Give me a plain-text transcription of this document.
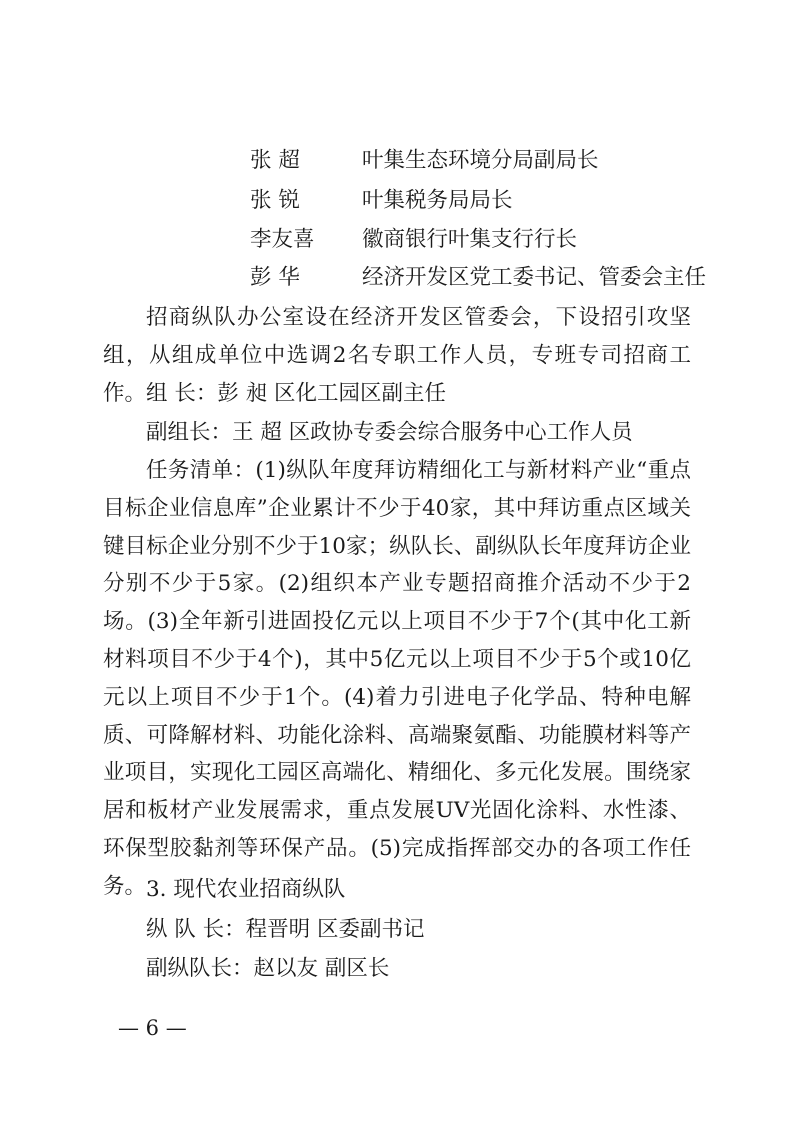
张 超	叶集生态环境分局副局长
张 锐	叶集税务局局长
李友喜 徽商银行叶集支行行长
彭 华	经济开发区党工委书记、管委会主任

招商纵队办公室设在经济开发区管委会，下设招引攻坚组，从组成单位中选调2名专职工作人员，专班专司招商工作。 组 长：彭 昶 区化工园区副主任
副组长：王 超 区政协专委会综合服务中心工作人员

任务清单：(1)纵队年度拜访精细化工与新材料产业“重点目标企业信息库”企业累计不少于40家，其中拜访重点区域关键目标企业分别不少于10家；纵队长、副纵队长年度拜访企业分别不少于5家。(2)组织本产业专题招商推介活动不少于2场。(3)全年新引进固投亿元以上项目不少于7个(其中化工新材料项目不少于4个)，其中5亿元以上项目不少于5个或10亿元以上项目不少于1个。(4)着力引进电子化学品、特种电解质、可降解材料、功能化涂料、高端聚氨酯、功能膜材料等产业项目，实现化工园区高端化、精细化、多元化发展。围绕家居和板材产业发展需求，重点发展UV光固化涂料、水性漆、环保型胶黏剂等环保产品。(5)完成指挥部交办的各项工作任务。 3. 现代农业招商纵队
纵 队 长：程晋明 区委副书记
副纵队长：赵以友 副区长
— 6 —
